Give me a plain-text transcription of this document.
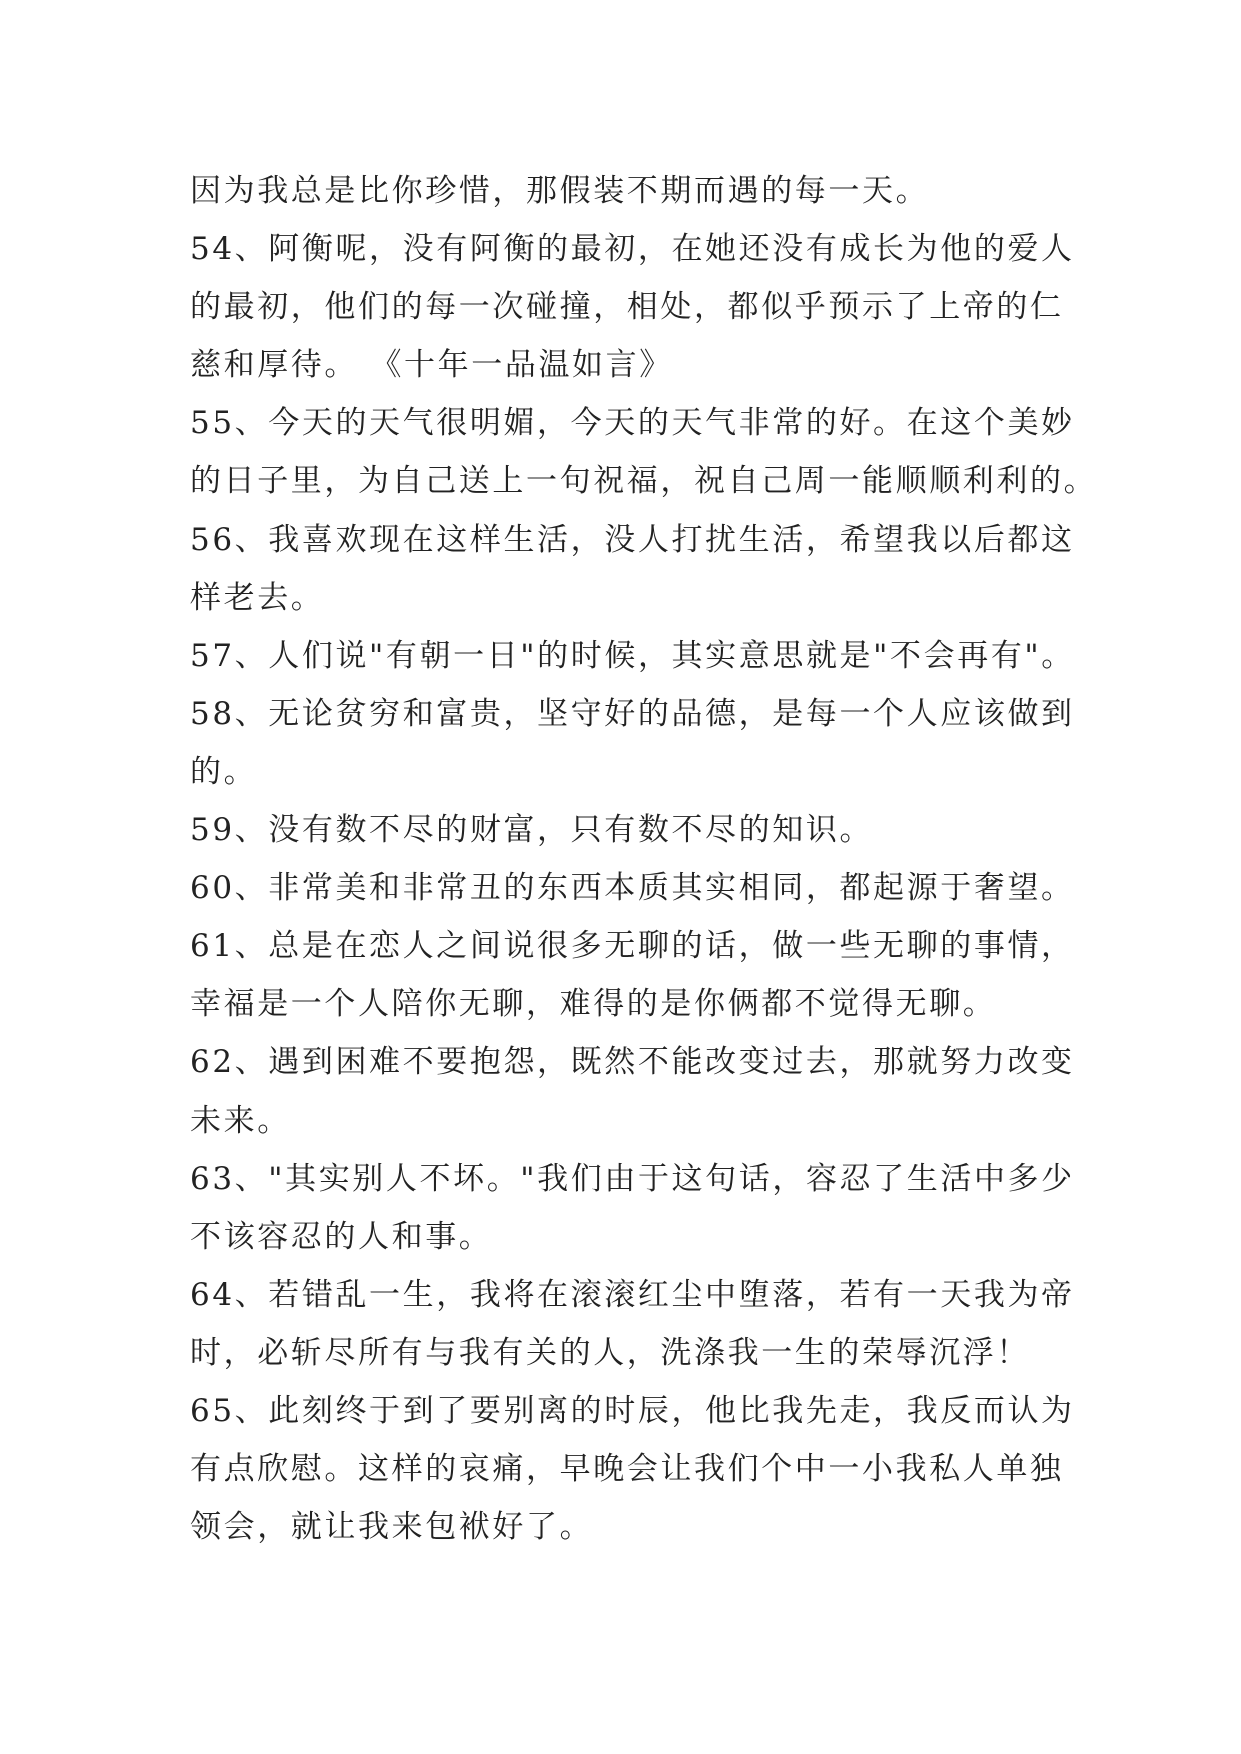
因为我总是比你珍惜，那假装不期而遇的每一天。
54、阿衡呢，没有阿衡的最初，在她还没有成长为他的爱人
的最初，他们的每一次碰撞，相处，都似乎预示了上帝的仁
慈和厚待。 《十年一品温如言》
55、今天的天气很明媚，今天的天气非常的好。在这个美妙
的日子里，为自己送上一句祝福，祝自己周一能顺顺利利的。
56、我喜欢现在这样生活，没人打扰生活，希望我以后都这
样老去。
57、人们说"有朝一日"的时候，其实意思就是"不会再有"。
58、无论贫穷和富贵，坚守好的品德，是每一个人应该做到
的。
59、没有数不尽的财富，只有数不尽的知识。
60、非常美和非常丑的东西本质其实相同，都起源于奢望。
61、总是在恋人之间说很多无聊的话，做一些无聊的事情，
幸福是一个人陪你无聊，难得的是你俩都不觉得无聊。
62、遇到困难不要抱怨，既然不能改变过去，那就努力改变
未来。
63、"其实别人不坏。"我们由于这句话，容忍了生活中多少
不该容忍的人和事。
64、若错乱一生，我将在滚滚红尘中堕落，若有一天我为帝
时，必斩尽所有与我有关的人，洗涤我一生的荣辱沉浮！
65、此刻终于到了要别离的时辰，他比我先走，我反而认为
有点欣慰。这样的哀痛，早晚会让我们个中一小我私人单独
领会，就让我来包袱好了。
